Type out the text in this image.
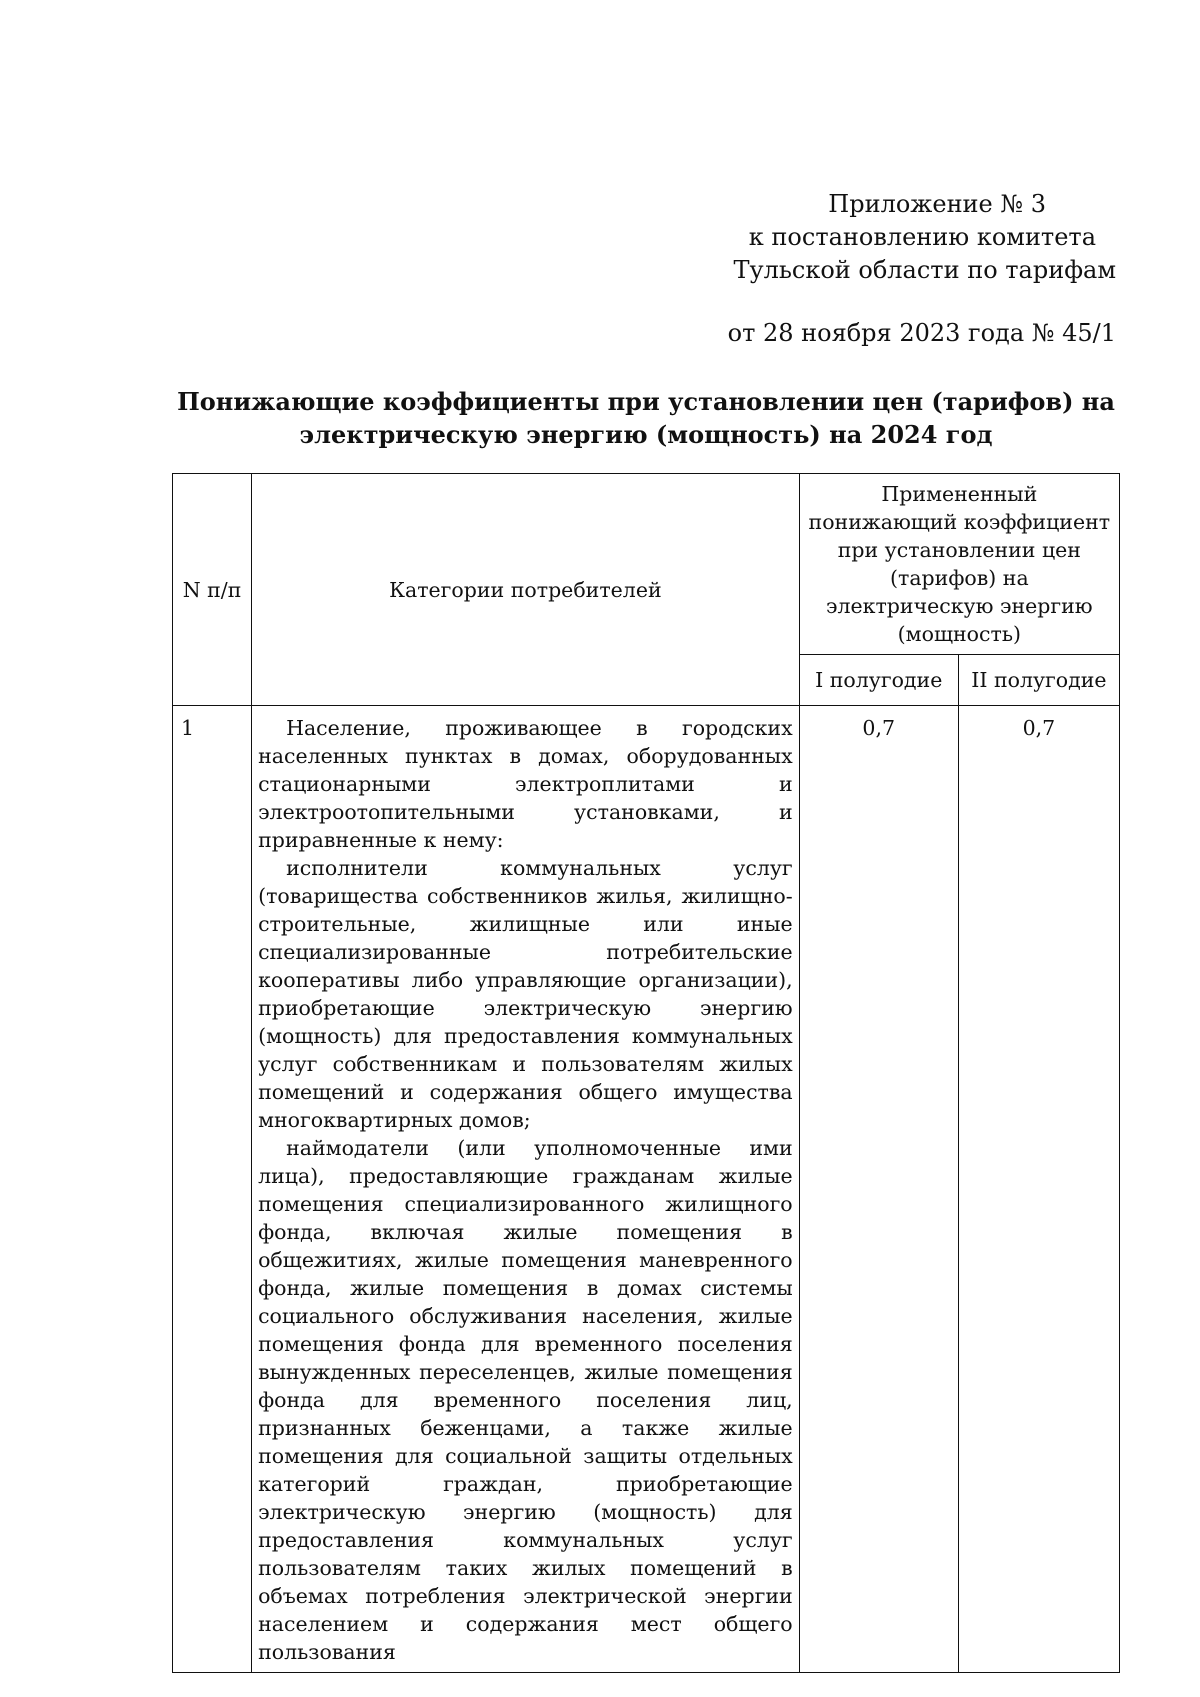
Приложение № 3
к постановлению комитета
Тульской области по тарифам
от 28 ноября 2023 года № 45/1
Понижающие коэффициенты при установлении цен (тарифов) на
электрическую энергию (мощность) на 2024 год
N п/п	Категории потребителей	Примененный понижающий коэффициент при установлении цен (тарифов) на электрическую энергию (мощность)	
		I полугодие	II полугодие
1	Население, проживающее в городских населенных пунктах в домах, оборудованных стационарными электроплитами и электроотопительными установками, и приравненные к нему:

исполнители коммунальных услуг (товарищества собственников жилья, жилищно-строительные, жилищные или иные специализированные потребительские кооперативы либо управляющие организации), приобретающие электрическую энергию (мощность) для предоставления коммунальных услуг собственникам и пользователям жилых помещений и содержания общего имущества многоквартирных домов;

наймодатели (или уполномоченные ими лица), предоставляющие гражданам жилые помещения специализированного жилищного фонда, включая жилые помещения в общежитиях, жилые помещения маневренного фонда, жилые помещения в домах системы социального обслуживания населения, жилые помещения фонда для временного поселения вынужденных переселенцев, жилые помещения фонда для временного поселения лиц, признанных беженцами, а также жилые помещения для социальной защиты отдельных категорий граждан, приобретающие электрическую энергию (мощность) для предоставления коммунальных услуг пользователям таких жилых помещений в объемах потребления электрической энергии населением и содержания мест общего пользования	0,7	0,7
